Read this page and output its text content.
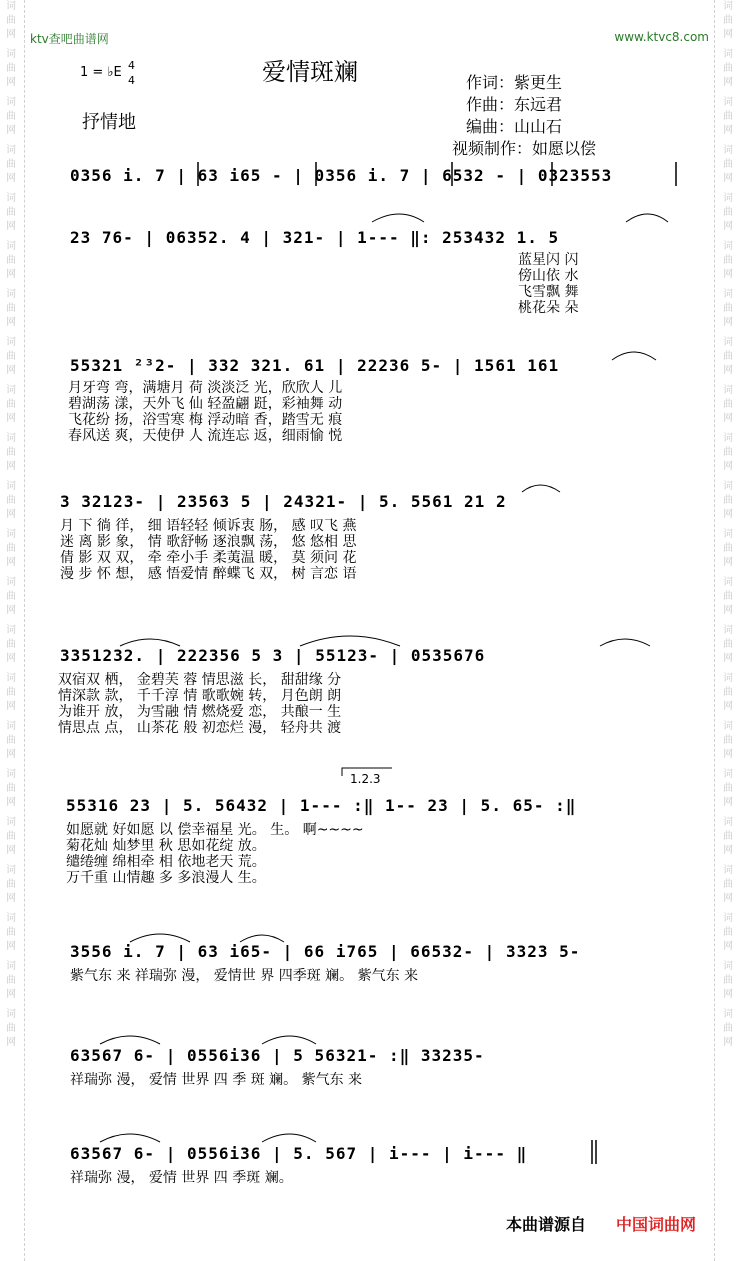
词曲网
词曲网
词曲网
词曲网
词曲网
词曲网
词曲网
词曲网
词曲网
词曲网
词曲网
词曲网
词曲网
词曲网
词曲网
词曲网
词曲网
词曲网
词曲网
词曲网
词曲网
词曲网
词曲网
词曲网
词曲网
词曲网
词曲网
词曲网
词曲网
词曲网
词曲网
词曲网
词曲网
词曲网
词曲网
词曲网
词曲网
词曲网
词曲网
词曲网
词曲网
词曲网
词曲网
词曲网
ktv查吧曲谱网	www.ktvc8.com
爱情斑斓
1 = ♭E 4
4
抒情地
作词：紫更生
作曲：东远君
编曲：山山石
视频制作：如愿以偿
0356 i. 7 | 63 i65 - | 0356 i. 7 | 6532 - | 0323553
23 76- | 06352. 4 | 321- | 1--- ‖: 253432 1. 5
蓝星闪 闪
傍山依 水
飞雪飘 舞
桃花朵 朵
55321 ²³2- | 332 321. 61 | 22236 5- | 1561 161
月牙弯 弯，满塘月 荷 淡淡泛 光，欣欣人 儿
碧湖荡 漾，天外飞 仙 轻盈翩 跹，彩袖舞 动
飞花纷 扬，浴雪寒 梅 浮动暗 香，踏雪无 痕
春风送 爽，天使伊 人 流连忘 返，细雨愉 悦
3 32123- | 23563 5 | 24321- | 5. 5561 21 2
月 下 徜 徉， 细 语轻轻 倾诉衷 肠， 感 叹飞 燕
迷 离 影 象， 情 歌舒畅 逐浪飘 荡， 悠 悠相 思
倩 影 双 双， 牵 牵小手 柔荑温 暖， 莫 须问 花
漫 步 怀 想， 感 悟爱情 醉蝶飞 双， 树 言恋 语
3351232. | 222356 5 3 | 55123- | 0535676
双宿双 栖， 金碧芙 蓉 情思滋 长， 甜甜缘 分
情深款 款， 千千淳 情 歌歌婉 转， 月色朗 朗
为谁开 放， 为雪融 情 燃烧爱 恋， 共酿一 生
情思点 点， 山茶花 般 初恋烂 漫， 轻舟共 渡
1.2.3
55316 23 | 5. 56432 | 1--- :‖ 1-- 23 | 5. 65- :‖
如愿就 好如愿 以 偿幸福星 光。 生。 啊~~~~
菊花灿 灿梦里 秋 思如花绽 放。
缱绻缠 绵相牵 相 依地老天 荒。
万千重 山情趣 多 多浪漫人 生。
3556 i. 7 | 63 i65- | 66 i765 | 66532- | 3323 5-
紫气东 来 祥瑞弥 漫， 爱情世 界 四季斑 斓。 紫气东 来
63567 6- | 0556i36 | 5 56321- :‖ 33235-
祥瑞弥 漫， 爱情 世界 四 季 斑 斓。 紫气东 来
63567 6- | 0556i36 | 5. 567 | i--- | i--- ‖
祥瑞弥 漫， 爱情 世界 四 季斑 斓。
本曲谱源自 中国词曲网
